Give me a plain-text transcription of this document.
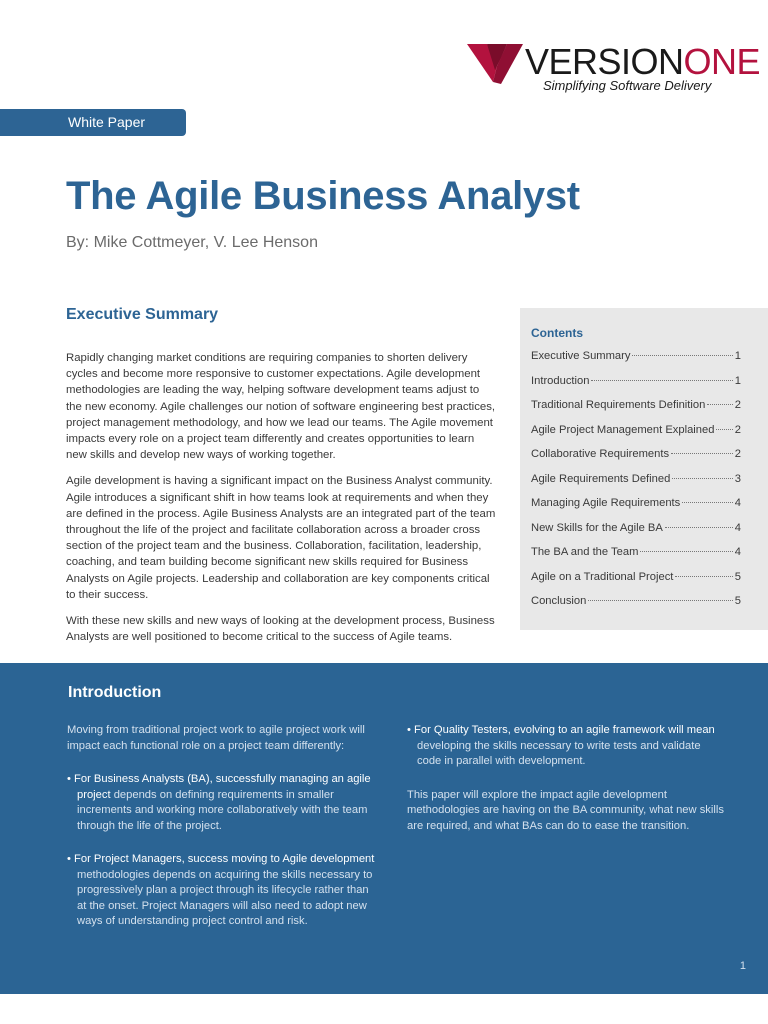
VERSIONONE
Simplifying Software Delivery
White Paper
The Agile Business Analyst
By: Mike Cottmeyer, V. Lee Henson
Executive Summary

Rapidly changing market conditions are requiring companies to shorten delivery cycles and become more responsive to customer expectations. Agile development methodologies are leading the way, helping software development teams adjust to the new economy. Agile challenges our notion of software engineering best practices, project management methodology, and how we lead our teams. The Agile movement impacts every role on a project team differently and creates opportunities to learn new skills and develop new ways of working together.

Agile development is having a significant impact on the Business Analyst community. Agile introduces a significant shift in how teams look at requirements and when they are defined in the process. Agile Business Analysts are an integrated part of the team throughout the life of the project and facilitate collaboration across a broader cross section of the project team and the business. Collaboration, facilitation, leadership, coaching, and team building become significant new skills required for Business Analysts on Agile projects. Leadership and collaboration are key components critical to their success.

With these new skills and new ways of looking at the development process, Business Analysts are well positioned to become critical to the success of Agile teams.

Contents
Executive Summary	1
Introduction	1
Traditional Requirements Definition	2
Agile Project Management Explained 2
Collaborative Requirements	2
Agile Requirements Defined	3
Managing Agile Requirements	4
New Skills for the Agile BA	4
The BA and the Team	4
Agile on a Traditional Project	5
Conclusion	5
Introduction

Moving from traditional project work to agile project work will impact each functional role on a project team differently:

• For Business Analysts (BA), successfully managing an agile project depends on defining requirements in smaller increments and working more collaboratively with the team through the life of the project.
• For Project Managers, success moving to Agile development methodologies depends on acquiring the skills necessary to progressively plan a project through its lifecycle rather than at the onset. Project Managers will also need to adopt new ways of understanding project control and risk.
• For Quality Testers, evolving to an agile framework will mean developing the skills necessary to write tests and validate code in parallel with development.

This paper will explore the impact agile development methodologies are having on the BA community, what new skills are required, and what BAs can do to ease the transition.

1
